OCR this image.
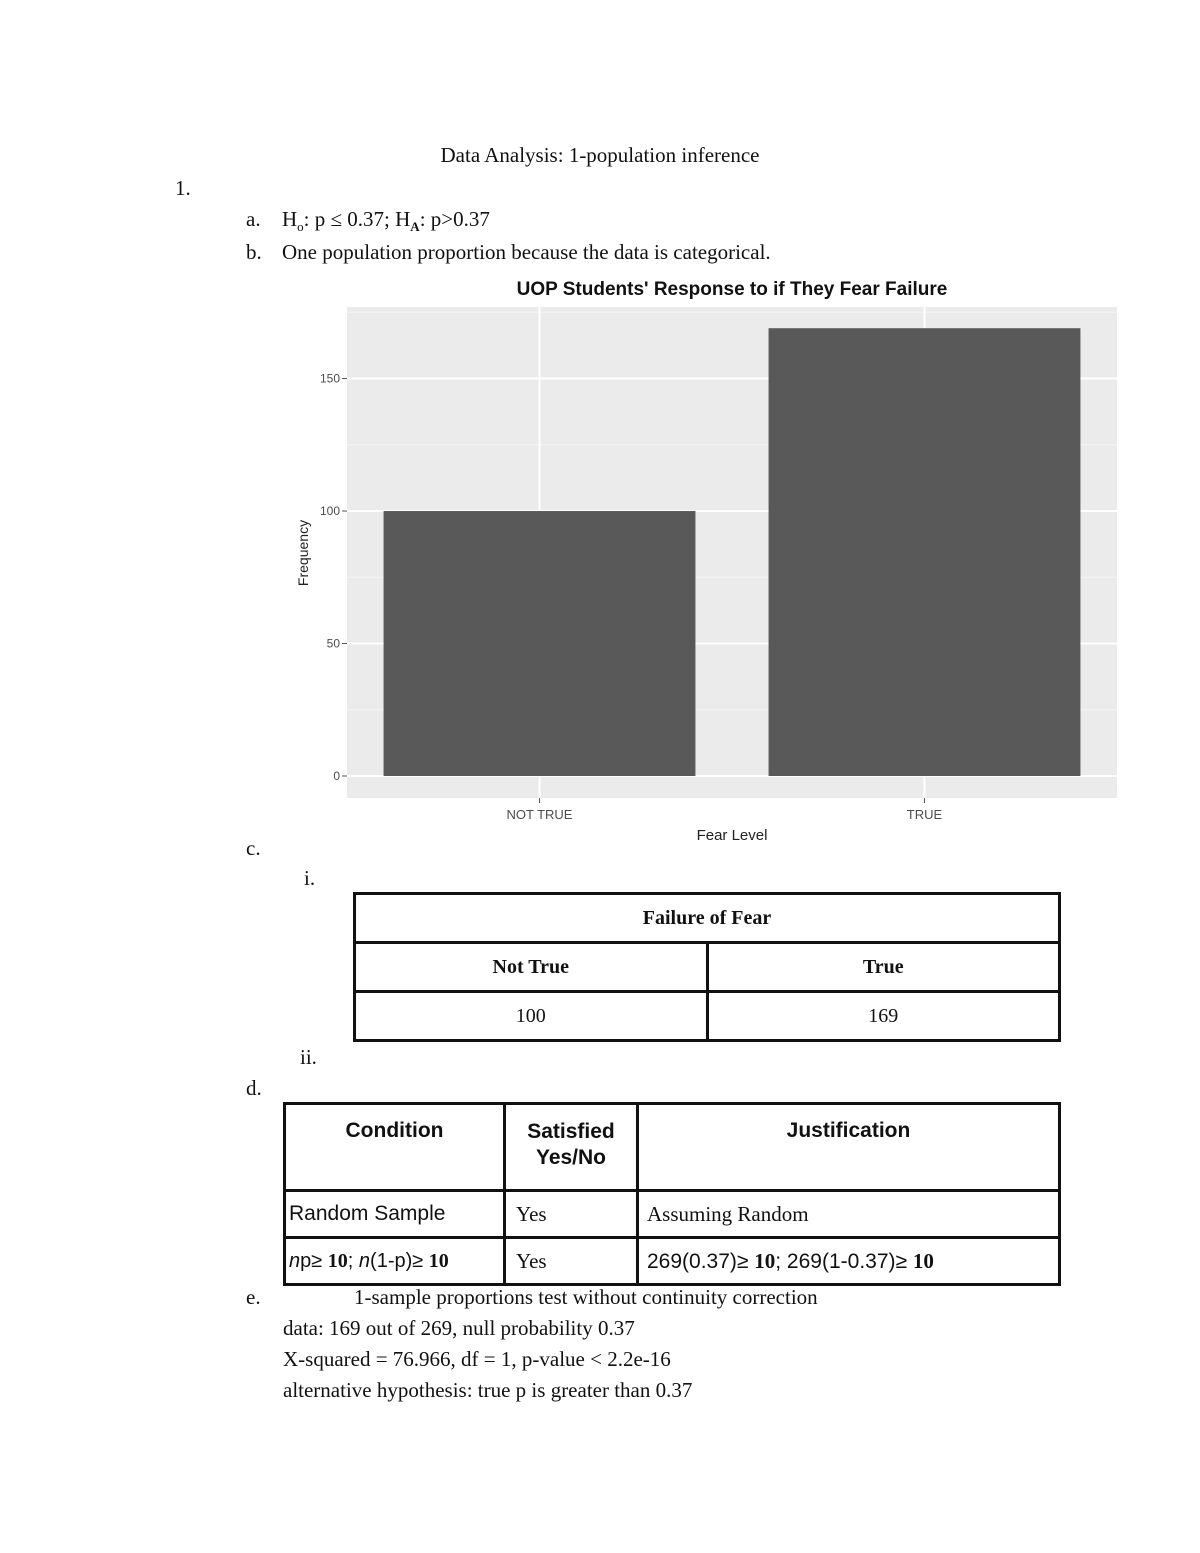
Data Analysis: 1-population inference
1.
a. $H_o$: p ≤ 0.37; $H_A$: p>0.37
b. One population proportion because the data is categorical.
UOP Students' Response to if They Fear Failure
0
50
100
150
NOT TRUE	TRUE
Fear Level
Frequency
c.
i.
Failure of Fear	
Not True	True
100	169
ii.
d.
Condition	Satisfied Yes/No	Justification
Random Sample	Yes	Assuming Random
np≥ 10; n(1-p)≥ 10	Yes	269(0.37)≥ 10; 269(1-0.37)≥ 10
e.	1-sample proportions test without continuity correction
data: 169 out of 269, null probability 0.37
X-squared = 76.966, df = 1, p-value < 2.2e-16
alternative hypothesis: true p is greater than 0.37
